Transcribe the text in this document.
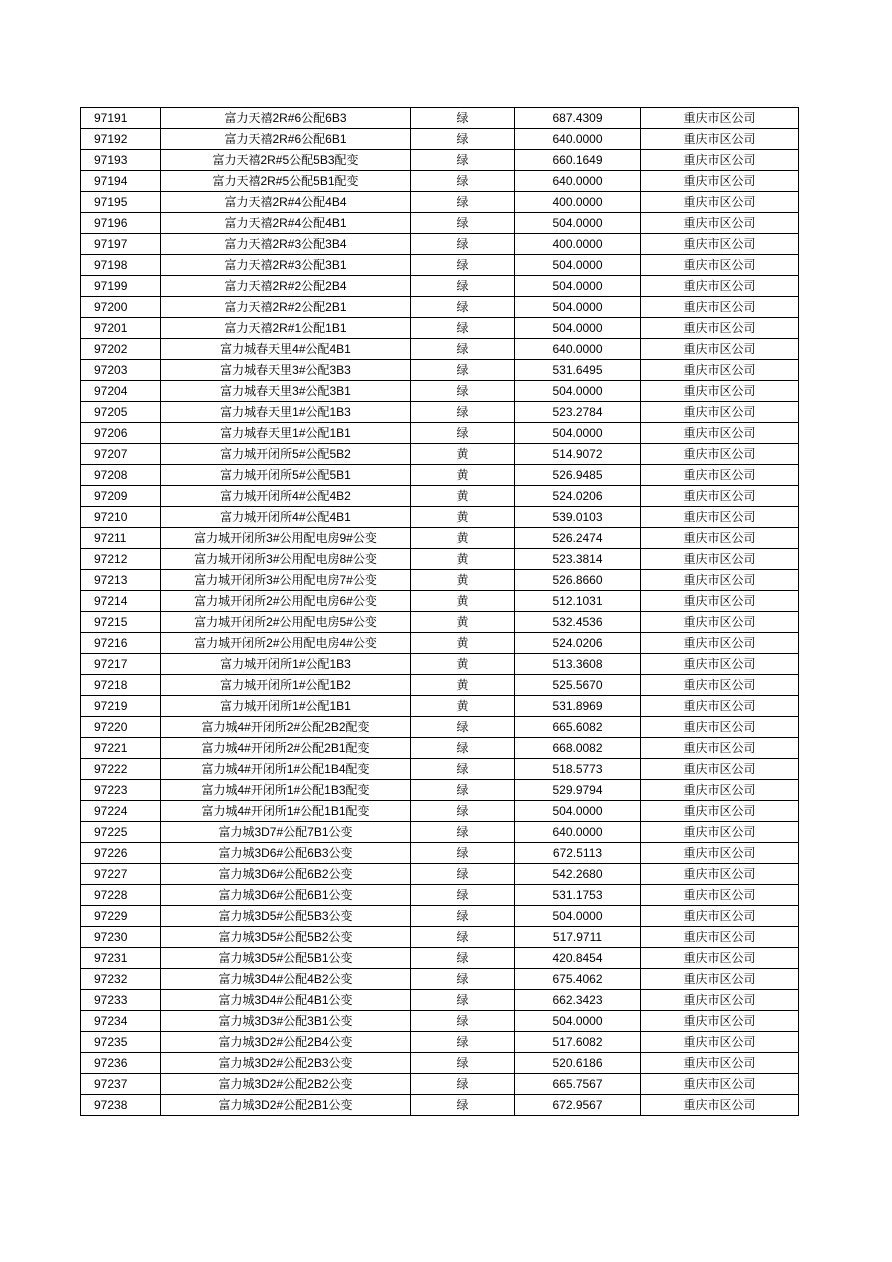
97191	富力天禧2R#6公配6B3	绿	687.4309	重庆市区公司
97192	富力天禧2R#6公配6B1	绿	640.0000	重庆市区公司
97193	富力天禧2R#5公配5B3配变	绿	660.1649	重庆市区公司
97194	富力天禧2R#5公配5B1配变	绿	640.0000	重庆市区公司
97195	富力天禧2R#4公配4B4	绿	400.0000	重庆市区公司
97196	富力天禧2R#4公配4B1	绿	504.0000	重庆市区公司
97197	富力天禧2R#3公配3B4	绿	400.0000	重庆市区公司
97198	富力天禧2R#3公配3B1	绿	504.0000	重庆市区公司
97199	富力天禧2R#2公配2B4	绿	504.0000	重庆市区公司
97200	富力天禧2R#2公配2B1	绿	504.0000	重庆市区公司
97201	富力天禧2R#1公配1B1	绿	504.0000	重庆市区公司
97202	富力城春天里4#公配4B1	绿	640.0000	重庆市区公司
97203	富力城春天里3#公配3B3	绿	531.6495	重庆市区公司
97204	富力城春天里3#公配3B1	绿	504.0000	重庆市区公司
97205	富力城春天里1#公配1B3	绿	523.2784	重庆市区公司
97206	富力城春天里1#公配1B1	绿	504.0000	重庆市区公司
97207	富力城开闭所5#公配5B2	黄	514.9072	重庆市区公司
97208	富力城开闭所5#公配5B1	黄	526.9485	重庆市区公司
97209	富力城开闭所4#公配4B2	黄	524.0206	重庆市区公司
97210	富力城开闭所4#公配4B1	黄	539.0103	重庆市区公司
97211	富力城开闭所3#公用配电房9#公变	黄	526.2474	重庆市区公司
97212	富力城开闭所3#公用配电房8#公变	黄	523.3814	重庆市区公司
97213	富力城开闭所3#公用配电房7#公变	黄	526.8660	重庆市区公司
97214	富力城开闭所2#公用配电房6#公变	黄	512.1031	重庆市区公司
97215	富力城开闭所2#公用配电房5#公变	黄	532.4536	重庆市区公司
97216	富力城开闭所2#公用配电房4#公变	黄	524.0206	重庆市区公司
97217	富力城开闭所1#公配1B3	黄	513.3608	重庆市区公司
97218	富力城开闭所1#公配1B2	黄	525.5670	重庆市区公司
97219	富力城开闭所1#公配1B1	黄	531.8969	重庆市区公司
97220	富力城4#开闭所2#公配2B2配变	绿	665.6082	重庆市区公司
97221	富力城4#开闭所2#公配2B1配变	绿	668.0082	重庆市区公司
97222	富力城4#开闭所1#公配1B4配变	绿	518.5773	重庆市区公司
97223	富力城4#开闭所1#公配1B3配变	绿	529.9794	重庆市区公司
97224	富力城4#开闭所1#公配1B1配变	绿	504.0000	重庆市区公司
97225	富力城3D7#公配7B1公变	绿	640.0000	重庆市区公司
97226	富力城3D6#公配6B3公变	绿	672.5113	重庆市区公司
97227	富力城3D6#公配6B2公变	绿	542.2680	重庆市区公司
97228	富力城3D6#公配6B1公变	绿	531.1753	重庆市区公司
97229	富力城3D5#公配5B3公变	绿	504.0000	重庆市区公司
97230	富力城3D5#公配5B2公变	绿	517.9711	重庆市区公司
97231	富力城3D5#公配5B1公变	绿	420.8454	重庆市区公司
97232	富力城3D4#公配4B2公变	绿	675.4062	重庆市区公司
97233	富力城3D4#公配4B1公变	绿	662.3423	重庆市区公司
97234	富力城3D3#公配3B1公变	绿	504.0000	重庆市区公司
97235	富力城3D2#公配2B4公变	绿	517.6082	重庆市区公司
97236	富力城3D2#公配2B3公变	绿	520.6186	重庆市区公司
97237	富力城3D2#公配2B2公变	绿	665.7567	重庆市区公司
97238	富力城3D2#公配2B1公变	绿	672.9567	重庆市区公司
